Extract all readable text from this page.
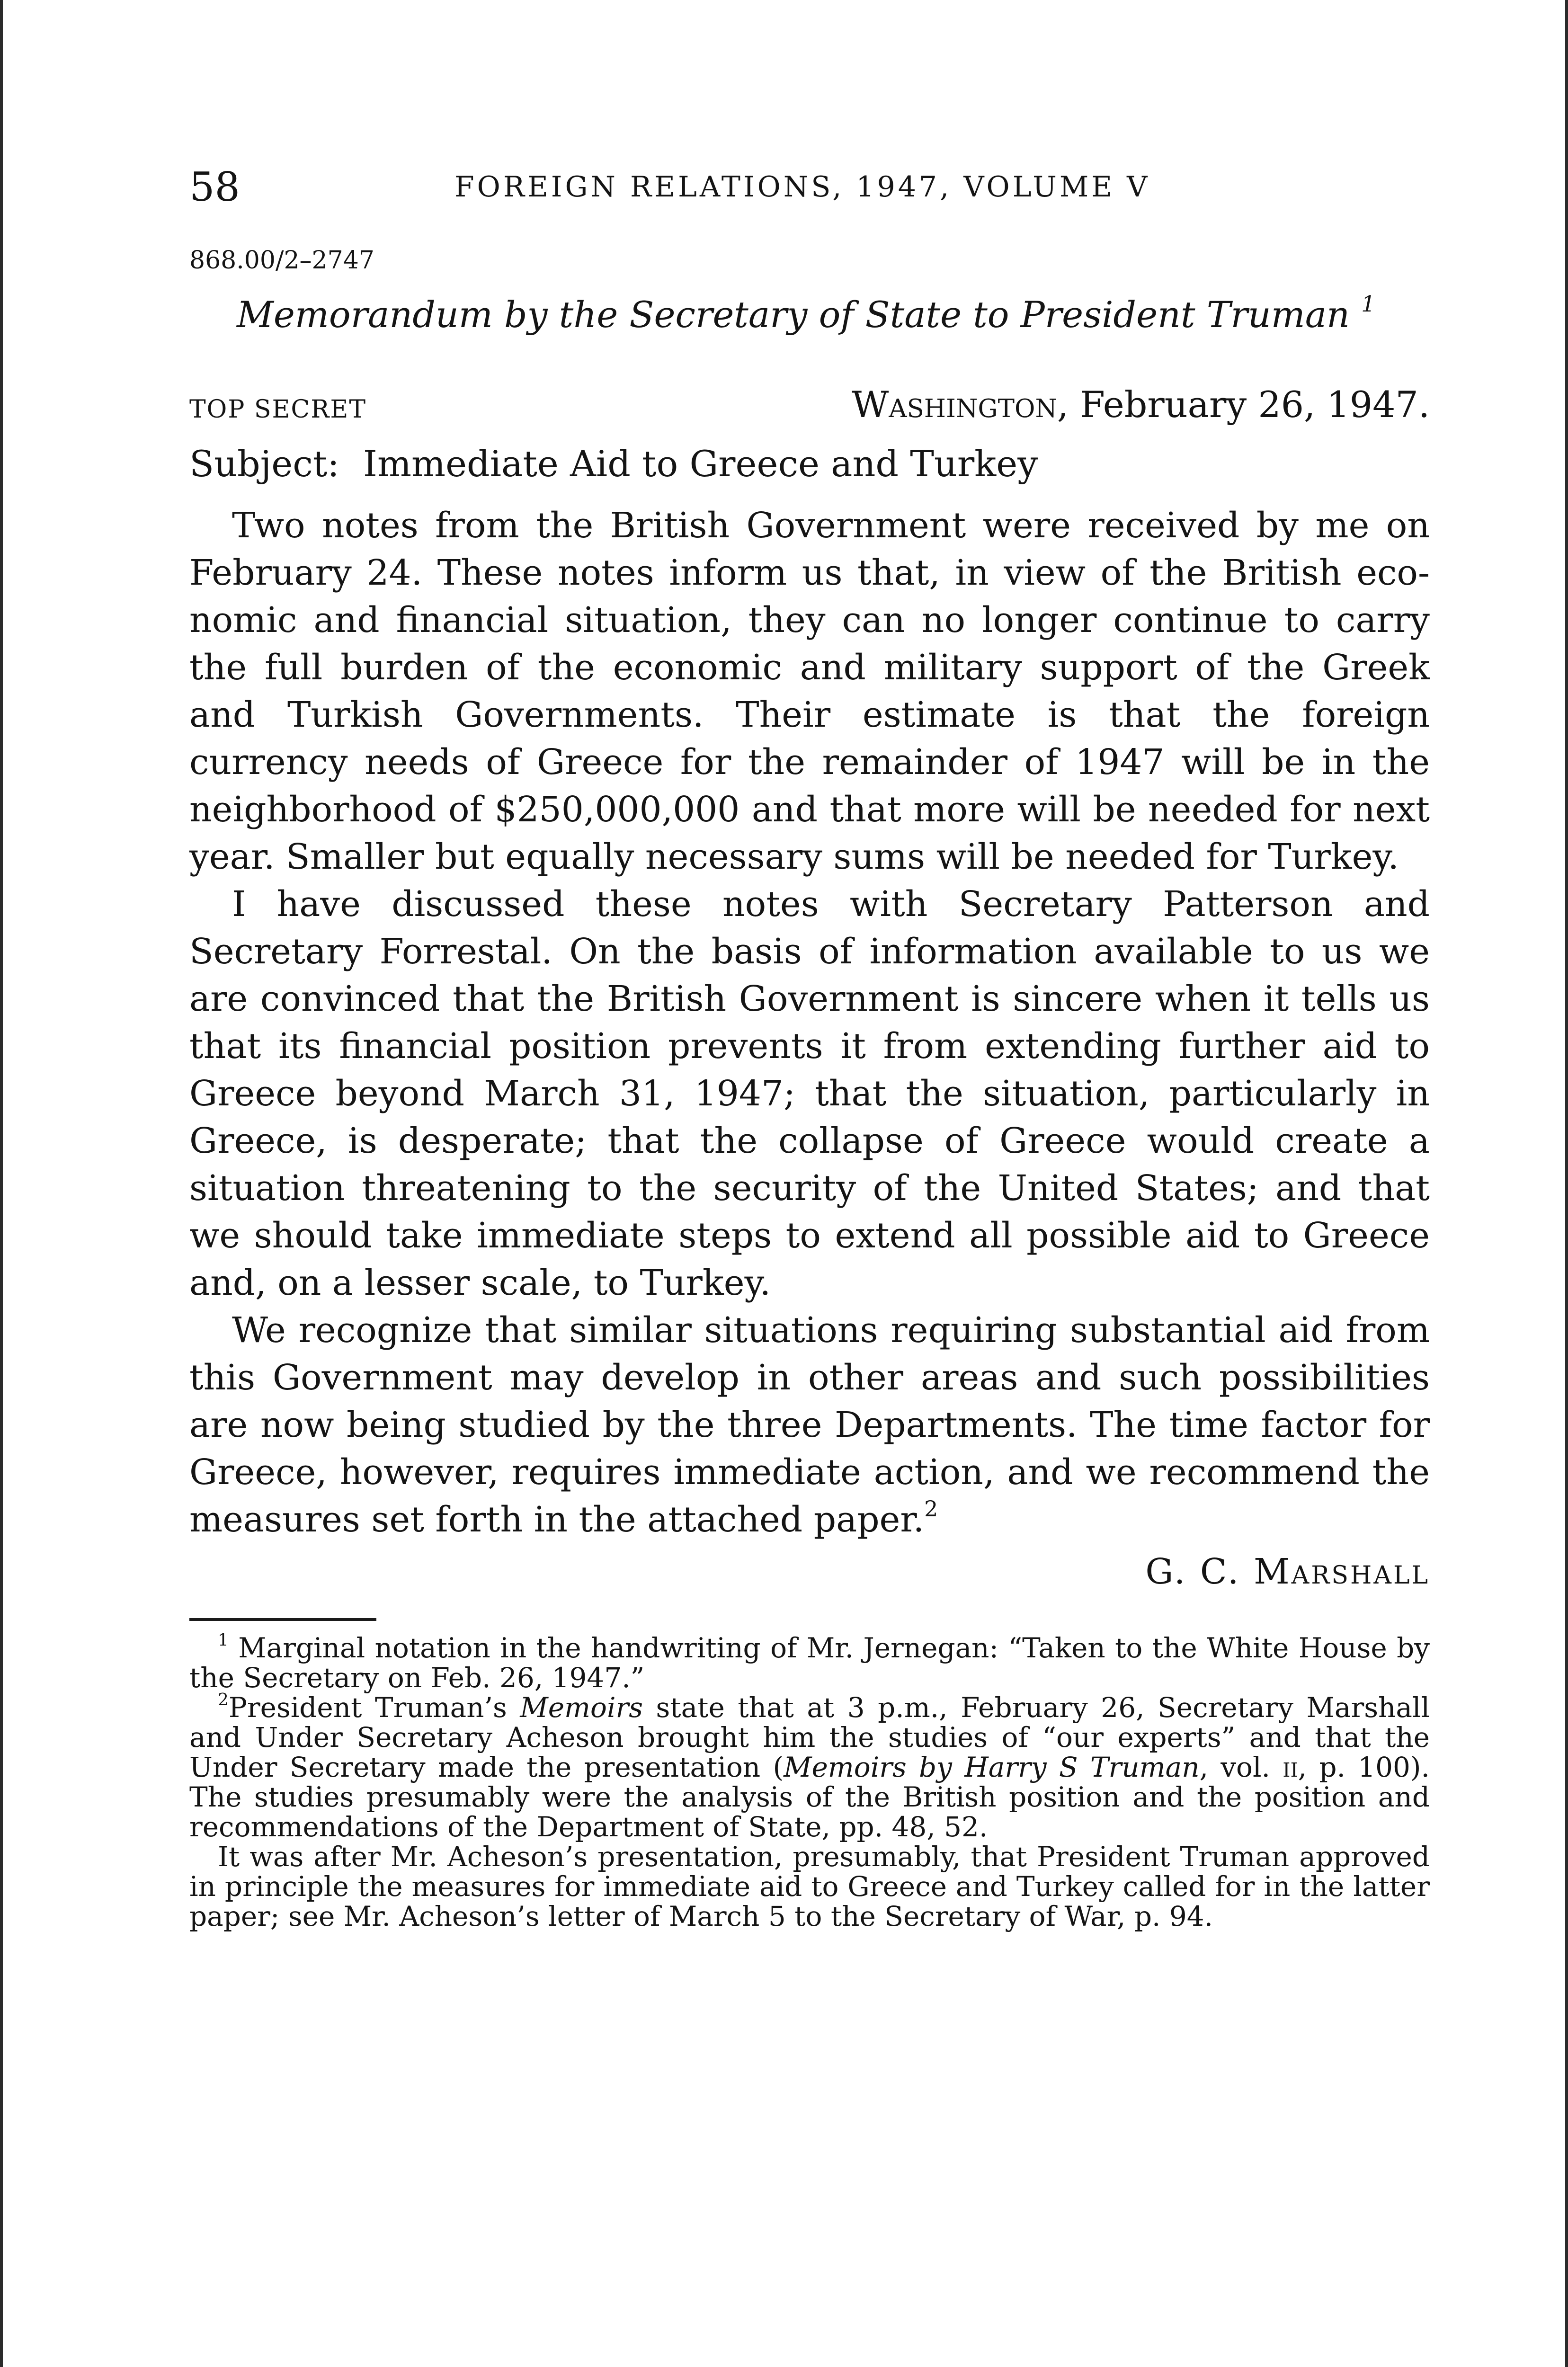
58	FOREIGN RELATIONS, 1947, VOLUME V
868.00/2–2747
Memorandum by the Secretary of State to President Truman $^1$
TOP SECRET	Washington, February 26, 1947.
Subject: Immediate Aid to Greece and Turkey

Two notes from the British Government were received by me on February 24. These notes inform us that, in view of the British economic and financial situation, they can no longer continue to carry the full burden of the economic and military support of the Greek and Turkish Governments. Their estimate is that the foreign currency needs of Greece for the remainder of 1947 will be in the neighborhood of $250,000,000 and that more will be needed for next year. Smaller but equally necessary sums will be needed for Turkey.

I have discussed these notes with Secretary Patterson and Secretary Forrestal. On the basis of information available to us we are convinced that the British Government is sincere when it tells us that its financial position prevents it from extending further aid to Greece beyond March 31, 1947; that the situation, particularly in Greece, is desperate; that the collapse of Greece would create a situation threatening to the security of the United States; and that we should take immediate steps to extend all possible aid to Greece and, on a lesser scale, to Turkey.

We recognize that similar situations requiring substantial aid from this Government may develop in other areas and such possibilities are now being studied by the three Departments. The time factor for Greece, however, requires immediate action, and we recommend the measures set forth in the attached paper.$^2$

G. C. Marshall

$^1$ Marginal notation in the handwriting of Mr. Jernegan: “Taken to the White House by the Secretary on Feb. 26, 1947.”

$^2$President Truman’s Memoirs state that at 3 p.m., February 26, Secretary Marshall and Under Secretary Acheson brought him the studies of “our experts” and that the Under Secretary made the presentation (Memoirs by Harry S Truman, vol. ii, p. 100). The studies presumably were the analysis of the British position and the position and recommendations of the Department of State, pp. 48, 52.

It was after Mr. Acheson’s presentation, presumably, that President Truman approved in principle the measures for immediate aid to Greece and Turkey called for in the latter paper; see Mr. Acheson’s letter of March 5 to the Secretary of War, p. 94.
